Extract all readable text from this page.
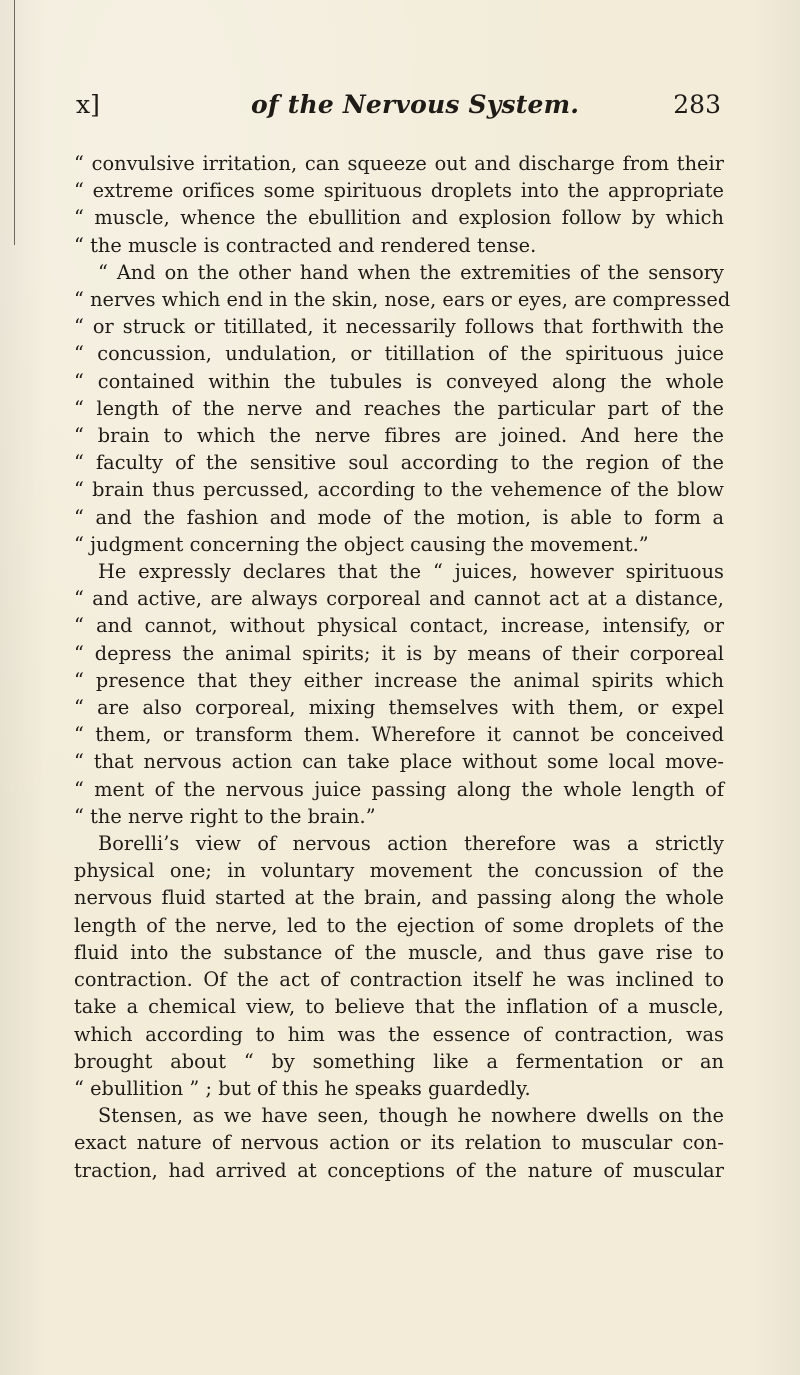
x]	of the Nervous System.	283
“ convulsive irritation, can squeeze out and discharge from their
“ extreme orifices some spirituous droplets into the appropriate
“ muscle, whence the ebullition and explosion follow by which
“ the muscle is contracted and rendered tense.
“ And on the other hand when the extremities of the sensory
“ nerves which end in the skin, nose, ears or eyes, are compressed
“ or struck or titillated, it necessarily follows that forthwith the
“ concussion, undulation, or titillation of the spirituous juice
“ contained within the tubules is conveyed along the whole
“ length of the nerve and reaches the particular part of the
“ brain to which the nerve fibres are joined. And here the
“ faculty of the sensitive soul according to the region of the
“ brain thus percussed, according to the vehemence of the blow
“ and the fashion and mode of the motion, is able to form a
“ judgment concerning the object causing the movement.”
He expressly declares that the “ juices, however spirituous
“ and active, are always corporeal and cannot act at a distance,
“ and cannot, without physical contact, increase, intensify, or
“ depress the animal spirits; it is by means of their corporeal
“ presence that they either increase the animal spirits which
“ are also corporeal, mixing themselves with them, or expel
“ them, or transform them. Wherefore it cannot be conceived
“ that nervous action can take place without some local move-
“ ment of the nervous juice passing along the whole length of
“ the nerve right to the brain.”
Borelli’s view of nervous action therefore was a strictly
physical one; in voluntary movement the concussion of the
nervous fluid started at the brain, and passing along the whole
length of the nerve, led to the ejection of some droplets of the
fluid into the substance of the muscle, and thus gave rise to
contraction. Of the act of contraction itself he was inclined to
take a chemical view, to believe that the inflation of a muscle,
which according to him was the essence of contraction, was
brought about “ by something like a fermentation or an
“ ebullition ” ; but of this he speaks guardedly.
Stensen, as we have seen, though he nowhere dwells on the
exact nature of nervous action or its relation to muscular con-
traction, had arrived at conceptions of the nature of muscular
